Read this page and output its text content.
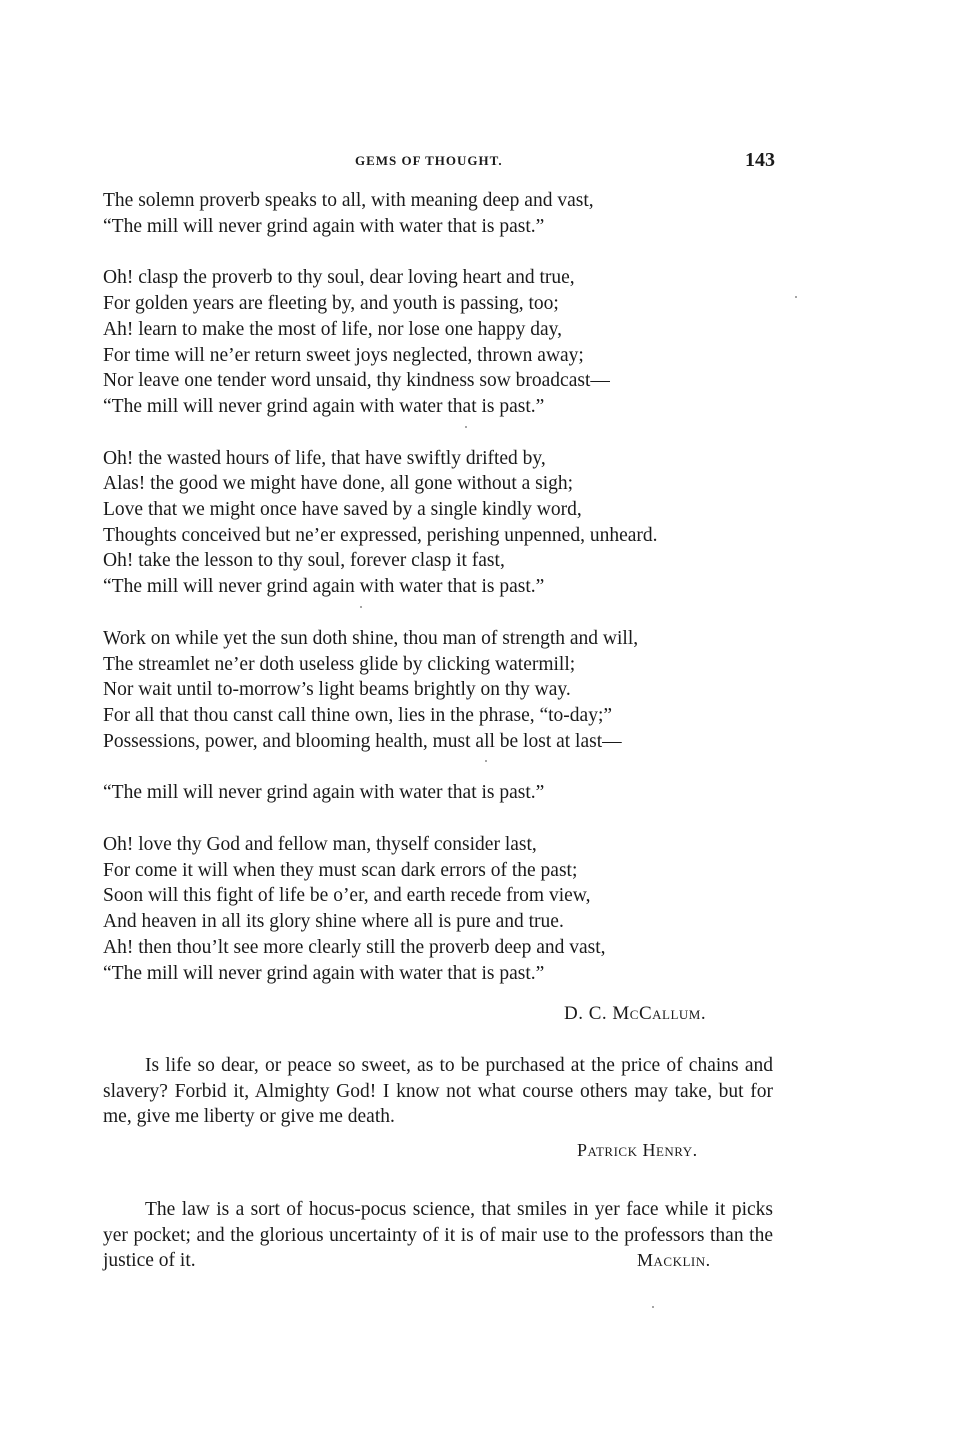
GEMS OF THOUGHT.	143
The solemn proverb speaks to all, with meaning deep and vast,
“The mill will never grind again with water that is past.”
Oh! clasp the proverb to thy soul, dear loving heart and true,
For golden years are fleeting by, and youth is passing, too;
Ah! learn to make the most of life, nor lose one happy day,
For time will ne’er return sweet joys neglected, thrown away;
Nor leave one tender word unsaid, thy kindness sow broadcast—
“The mill will never grind again with water that is past.”
Oh! the wasted hours of life, that have swiftly drifted by,
Alas! the good we might have done, all gone without a sigh;
Love that we might once have saved by a single kindly word,
Thoughts conceived but ne’er expressed, perishing unpenned, unheard.
Oh! take the lesson to thy soul, forever clasp it fast,
“The mill will never grind again with water that is past.”
Work on while yet the sun doth shine, thou man of strength and will,
The streamlet ne’er doth useless glide by clicking watermill;
Nor wait until to-morrow’s light beams brightly on thy way.
For all that thou canst call thine own, lies in the phrase, “to-day;”
Possessions, power, and blooming health, must all be lost at last—
“The mill will never grind again with water that is past.”
Oh! love thy God and fellow man, thyself consider last,
For come it will when they must scan dark errors of the past;
Soon will this fight of life be o’er, and earth recede from view,
And heaven in all its glory shine where all is pure and true.
Ah! then thou’lt see more clearly still the proverb deep and vast,
“The mill will never grind again with water that is past.”
D. C. McCallum.

Is life so dear, or peace so sweet, as to be purchased at the price of chains and slavery? Forbid it, Almighty God! I know not what course others may take, but for me, give me liberty or give me death.

Patrick Henry.

The law is a sort of hocus-pocus science, that smiles in yer face while it picks yer pocket; and the glorious uncertainty of it is of mair use to the professors than the justice of it.	Macklin.
